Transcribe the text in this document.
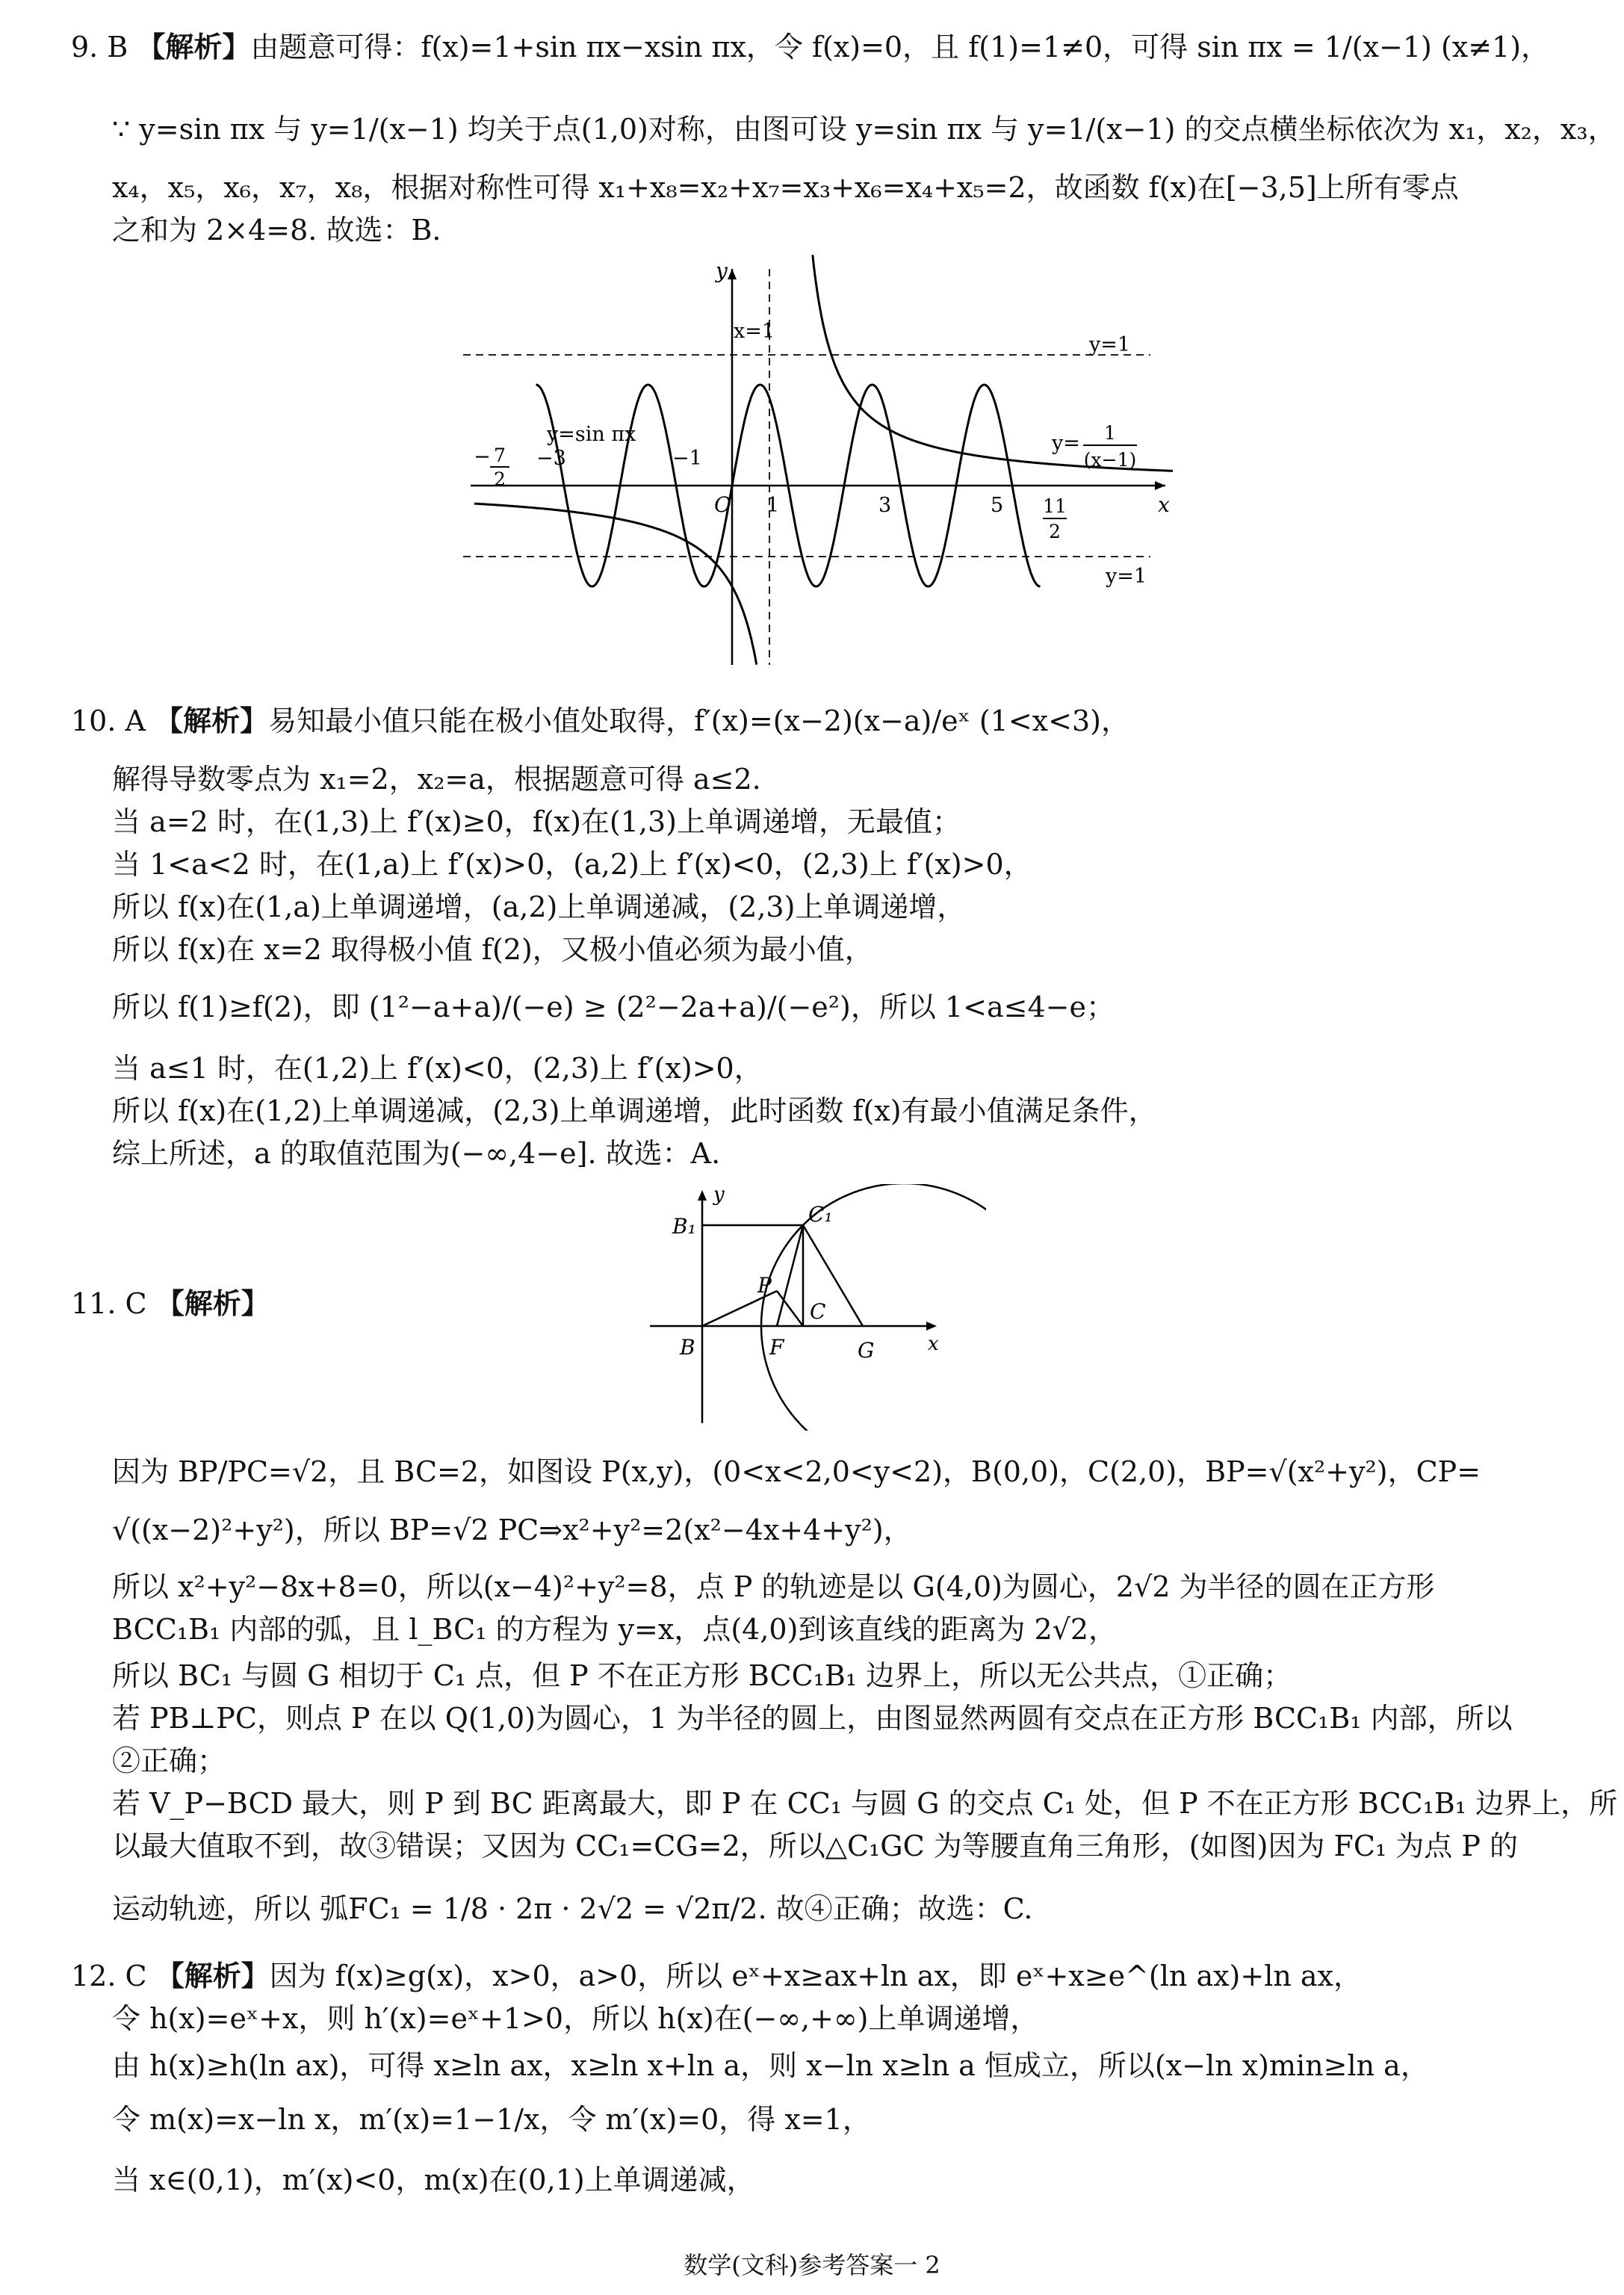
9. B 【解析】由题意可得：f(x)=1+sin πx−xsin πx，令 f(x)=0，且 f(1)=1≠0，可得 sin πx = 1/(x−1) (x≠1)，
∵ y=sin πx 与 y=1/(x−1) 均关于点(1,0)对称，由图可设 y=sin πx 与 y=1/(x−1) 的交点横坐标依次为 x₁，x₂，x₃，
x₄，x₅，x₆，x₇，x₈，根据对称性可得 x₁+x₈=x₂+x₇=x₃+x₆=x₄+x₅=2，故函数 f(x)在[−3,5]上所有零点
之和为 2×4=8. 故选：B.
y
x
O
x=1
y=sin πx
y=1
y=1
y= 1
(x−1)
− 7
2
11
2
−3	−1
1	3	5
10. A 【解析】易知最小值只能在极小值处取得，f′(x)=(x−2)(x−a)/eˣ (1<x<3)，
解得导数零点为 x₁=2，x₂=a，根据题意可得 a≤2.
当 a=2 时，在(1,3)上 f′(x)≥0，f(x)在(1,3)上单调递增，无最值；
当 1<a<2 时，在(1,a)上 f′(x)>0，(a,2)上 f′(x)<0，(2,3)上 f′(x)>0，
所以 f(x)在(1,a)上单调递增，(a,2)上单调递减，(2,3)上单调递增，
所以 f(x)在 x=2 取得极小值 f(2)，又极小值必须为最小值，
所以 f(1)≥f(2)，即 (1²−a+a)/(−e) ≥ (2²−2a+a)/(−e²)，所以 1<a≤4−e；
当 a≤1 时，在(1,2)上 f′(x)<0，(2,3)上 f′(x)>0，
所以 f(x)在(1,2)上单调递减，(2,3)上单调递增，此时函数 f(x)有最小值满足条件，
综上所述，a 的取值范围为(−∞,4−e]. 故选：A.
11. C 【解析】
y
x
B₁	C₁
P
C
B	F	G
因为 BP/PC=√2，且 BC=2，如图设 P(x,y)，(0<x<2,0<y<2)，B(0,0)，C(2,0)，BP=√(x²+y²)，CP=
√((x−2)²+y²)，所以 BP=√2 PC⇒x²+y²=2(x²−4x+4+y²)，
所以 x²+y²−8x+8=0，所以(x−4)²+y²=8，点 P 的轨迹是以 G(4,0)为圆心，2√2 为半径的圆在正方形
BCC₁B₁ 内部的弧，且 l_BC₁ 的方程为 y=x，点(4,0)到该直线的距离为 2√2，
所以 BC₁ 与圆 G 相切于 C₁ 点，但 P 不在正方形 BCC₁B₁ 边界上，所以无公共点，①正确；
若 PB⊥PC，则点 P 在以 Q(1,0)为圆心，1 为半径的圆上，由图显然两圆有交点在正方形 BCC₁B₁ 内部，所以
②正确；
若 V_P−BCD 最大，则 P 到 BC 距离最大，即 P 在 CC₁ 与圆 G 的交点 C₁ 处，但 P 不在正方形 BCC₁B₁ 边界上，所
以最大值取不到，故③错误；又因为 CC₁=CG=2，所以△C₁GC 为等腰直角三角形，(如图)因为 FC₁ 为点 P 的
运动轨迹，所以 弧FC₁ = 1/8 · 2π · 2√2 = √2π/2. 故④正确；故选：C.
12. C 【解析】因为 f(x)≥g(x)，x>0，a>0，所以 eˣ+x≥ax+ln ax，即 eˣ+x≥e^(ln ax)+ln ax，
令 h(x)=eˣ+x，则 h′(x)=eˣ+1>0，所以 h(x)在(−∞,+∞)上单调递增，
由 h(x)≥h(ln ax)，可得 x≥ln ax，x≥ln x+ln a，则 x−ln x≥ln a 恒成立，所以(x−ln x)min≥ln a，
令 m(x)=x−ln x，m′(x)=1−1/x，令 m′(x)=0，得 x=1，
当 x∈(0,1)，m′(x)<0，m(x)在(0,1)上单调递减，
数学(文科)参考答案一 2
